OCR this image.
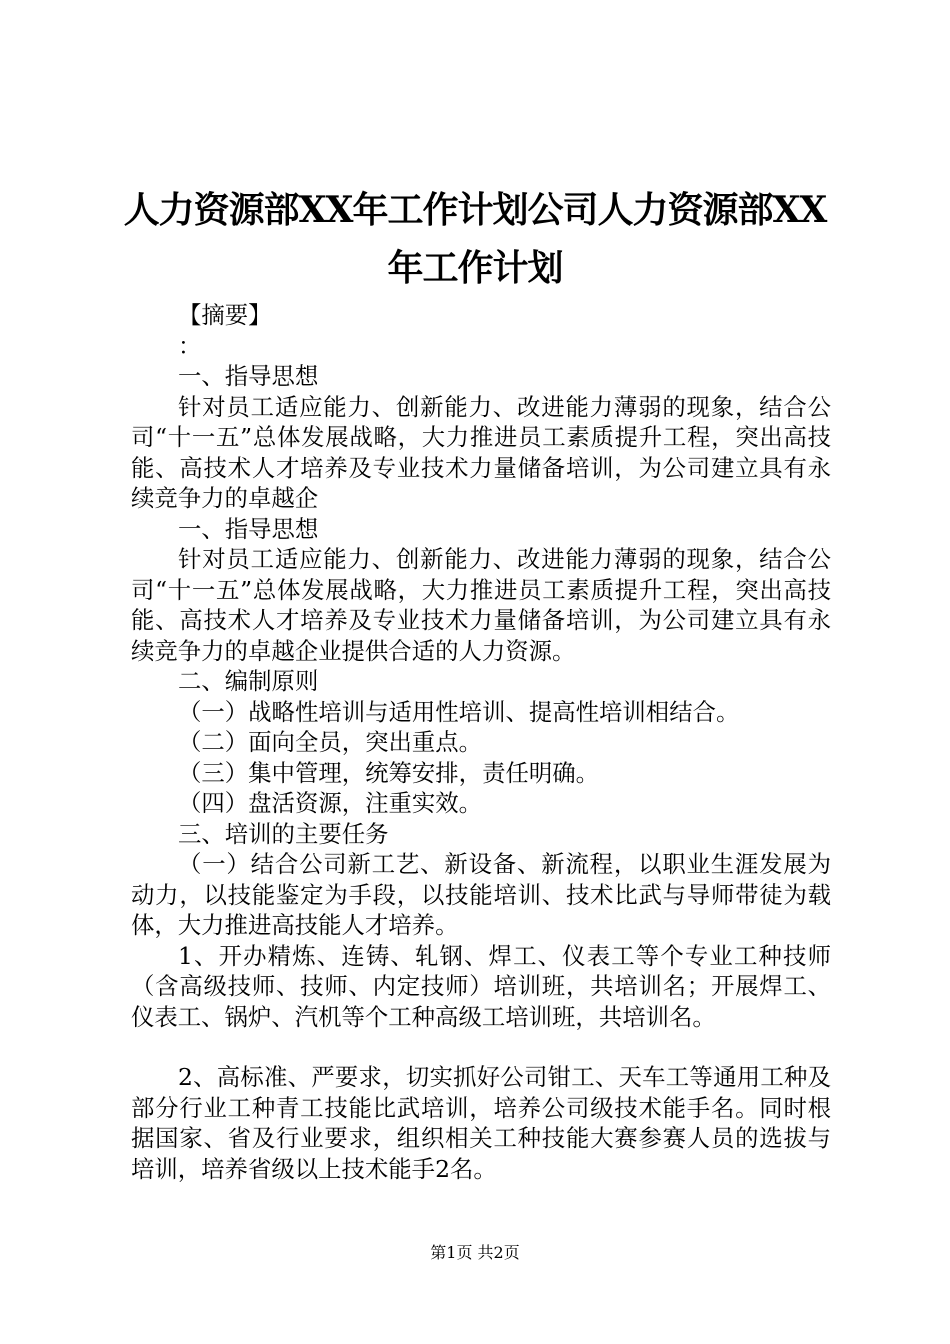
人力资源部XX年工作计划公司人力资源部XX
年工作计划

【摘要】

：

一、指导思想

针对员工适应能力、创新能力、改进能力薄弱的现象，结合公司“十一五”总体发展战略，大力推进员工素质提升工程，突出高技能、高技术人才培养及专业技术力量储备培训，为公司建立具有永续竞争力的卓越企

一、指导思想

针对员工适应能力、创新能力、改进能力薄弱的现象，结合公司“十一五”总体发展战略，大力推进员工素质提升工程，突出高技能、高技术人才培养及专业技术力量储备培训，为公司建立具有永续竞争力的卓越企业提供合适的人力资源。

二、编制原则

（一）战略性培训与适用性培训、提高性培训相结合。

（二）面向全员，突出重点。

（三）集中管理，统筹安排，责任明确。

（四）盘活资源，注重实效。

三、培训的主要任务

（一）结合公司新工艺、新设备、新流程，以职业生涯发展为动力，以技能鉴定为手段，以技能培训、技术比武与导师带徒为载体，大力推进高技能人才培养。

1、开办精炼、连铸、轧钢、焊工、仪表工等个专业工种技师（含高级技师、技师、内定技师）培训班，共培训名；开展焊工、仪表工、锅炉、汽机等个工种高级工培训班，共培训名。

2、高标准、严要求，切实抓好公司钳工、天车工等通用工种及部分行业工种青工技能比武培训，培养公司级技术能手名。同时根据国家、省及行业要求，组织相关工种技能大赛参赛人员的选拔与培训，培养省级以上技术能手2名。

第1页 共2页
